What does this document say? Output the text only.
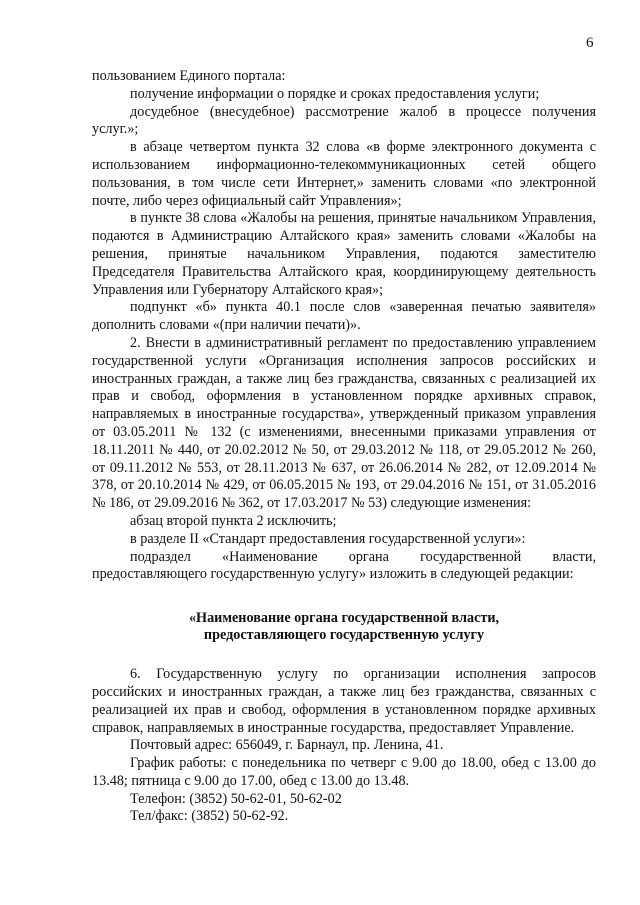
6

пользованием Единого портала:

получение информации о порядке и сроках предоставления услуги;

досудебное (внесудебное) рассмотрение жалоб в процессе получения услуг.»;

в абзаце четвертом пункта 32 слова «в форме электронного документа с использованием информационно-телекоммуникационных сетей общего пользования, в том числе сети Интернет,» заменить словами «по электронной почте, либо через официальный сайт Управления»;

в пункте 38 слова «Жалобы на решения, принятые начальником Управления, подаются в Администрацию Алтайского края» заменить словами «Жалобы на решения, принятые начальником Управления, подаются заместителю Председателя Правительства Алтайского края, координирующему деятельность Управления или Губернатору Алтайского края»;

подпункт «б» пункта 40.1 после слов «заверенная печатью заявителя» дополнить словами «(при наличии печати)».

2. Внести в административный регламент по предоставлению управлением государственной услуги «Организация исполнения запросов российских и иностранных граждан, а также лиц без гражданства, связанных с реализацией их прав и свобод, оформления в установленном порядке архивных справок, направляемых в иностранные государства», утвержденный приказом управления от 03.05.2011 № 132 (с изменениями, внесенными приказами управления от 18.11.2011 № 440, от 20.02.2012 № 50, от 29.03.2012 № 118, от 29.05.2012 № 260, от 09.11.2012 № 553, от 28.11.2013 № 637, от 26.06.2014 № 282, от 12.09.2014 № 378, от 20.10.2014 № 429, от 06.05.2015 № 193, от 29.04.2016 № 151, от 31.05.2016 № 186, от 29.09.2016 № 362, от 17.03.2017 № 53) следующие изменения:

абзац второй пункта 2 исключить;

в разделе II «Стандарт предоставления государственной услуги»:

подраздел «Наименование органа государственной власти, предоставляющего государственную услугу» изложить в следующей редакции:

«Наименование органа государственной власти,
предоставляющего государственную услугу

6. Государственную услугу по организации исполнения запросов российских и иностранных граждан, а также лиц без гражданства, связанных с реализацией их прав и свобод, оформления в установленном порядке архивных справок, направляемых в иностранные государства, предоставляет Управление.

Почтовый адрес: 656049, г. Барнаул, пр. Ленина, 41.

График работы: с понедельника по четверг с 9.00 до 18.00, обед с 13.00 до 13.48; пятница с 9.00 до 17.00, обед с 13.00 до 13.48.

Телефон: (3852) 50-62-01, 50-62-02

Тел/факс: (3852) 50-62-92.
